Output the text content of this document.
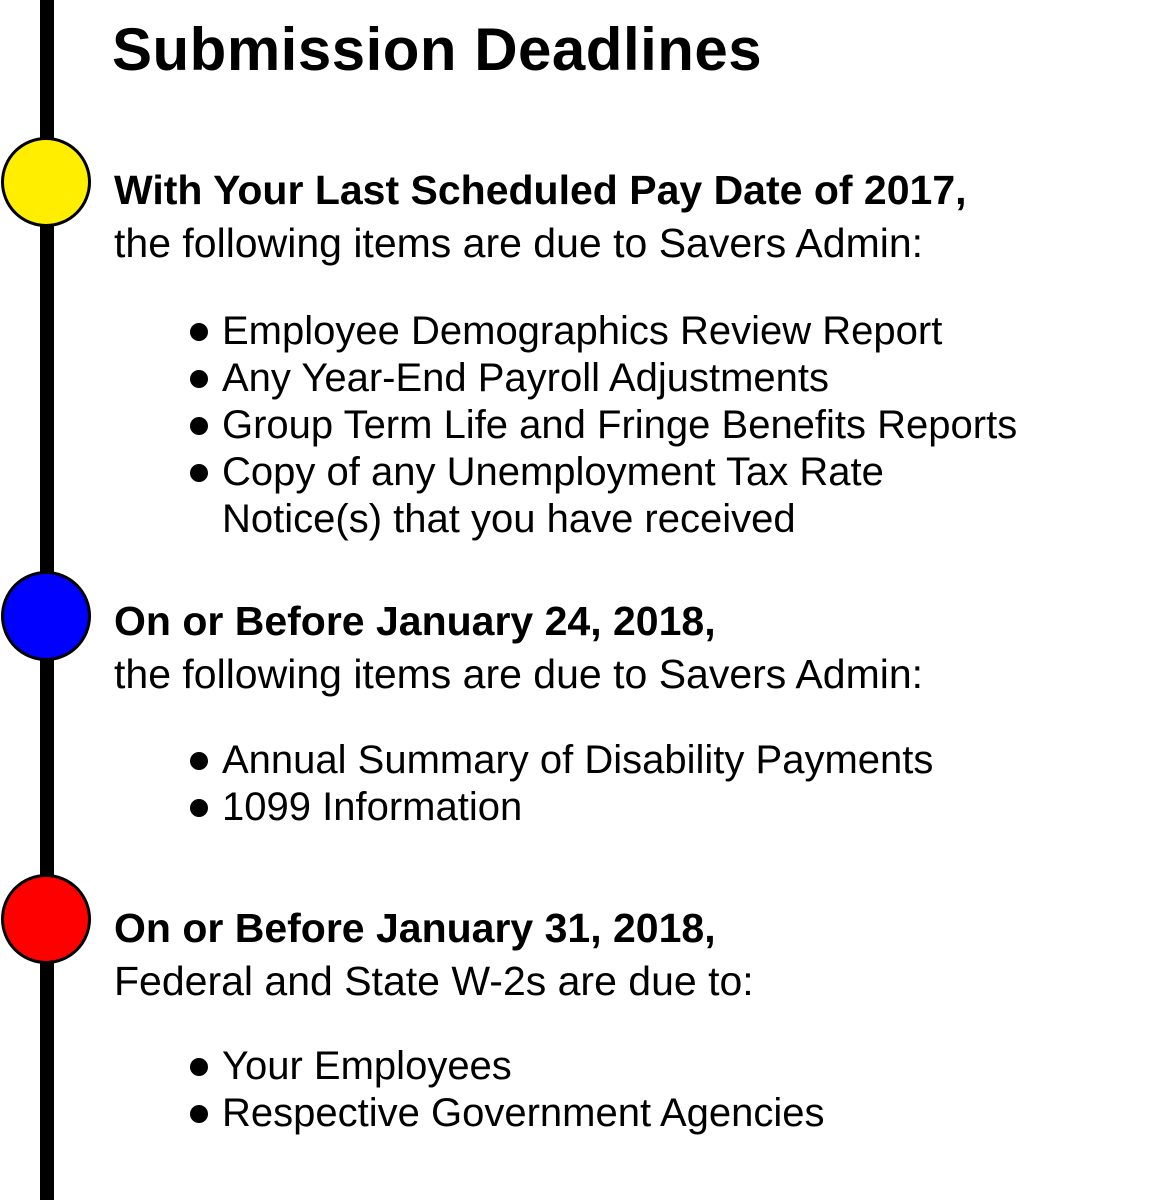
Submission Deadlines

With Your Last Scheduled Pay Date of 2017,

the following items are due to Savers Admin:

Employee Demographics Review Report
Any Year-End Payroll Adjustments
Group Term Life and Fringe Benefits Reports
Copy of any Unemployment Tax Rate
Notice(s) that you have received

On or Before January 24, 2018,

the following items are due to Savers Admin:

Annual Summary of Disability Payments
1099 Information

On or Before January 31, 2018,

Federal and State W-2s are due to:

Your Employees
Respective Government Agencies
